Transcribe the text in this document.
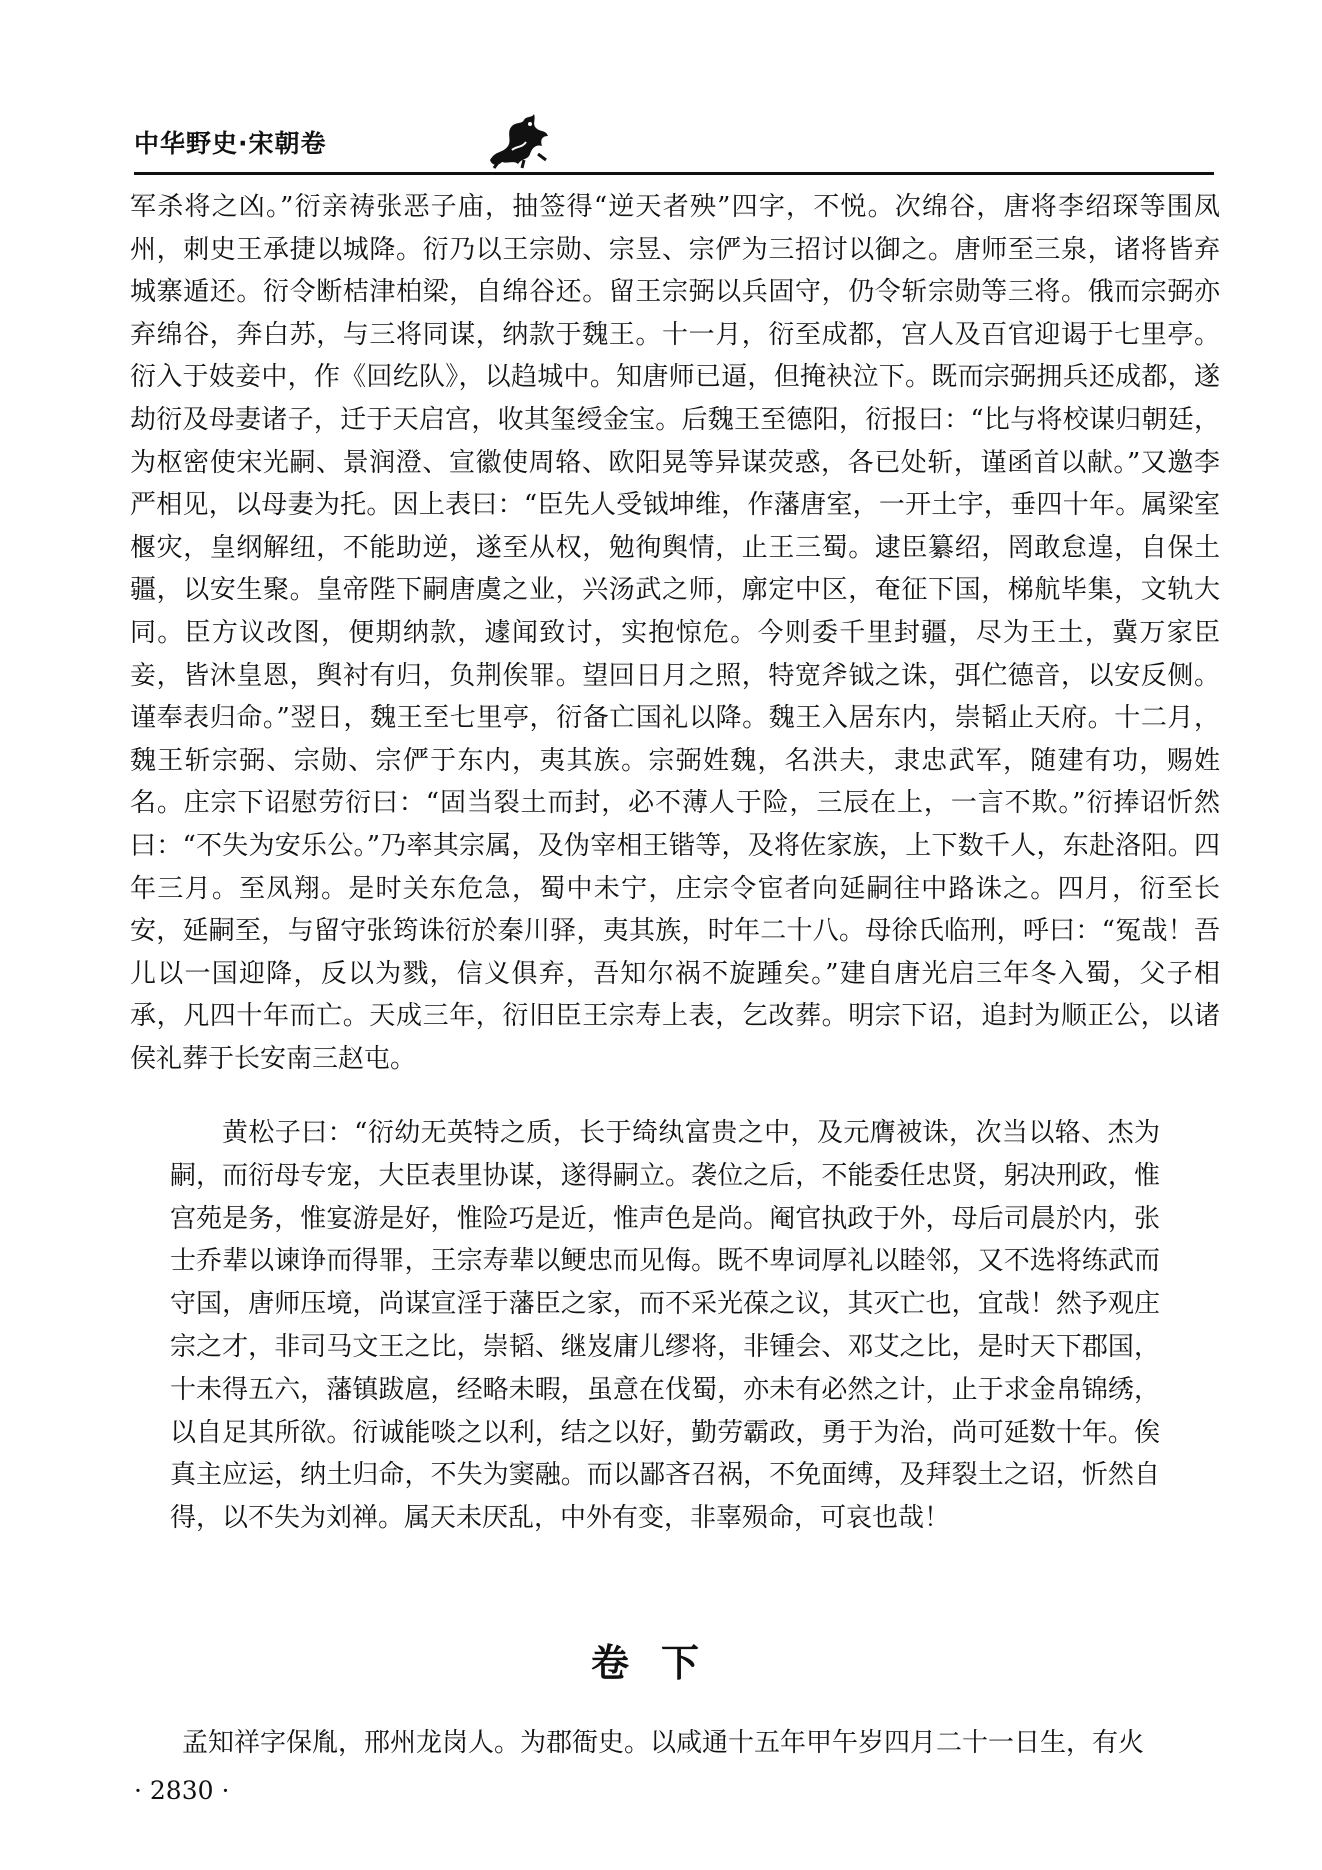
中华野史·宋朝卷

军杀将之凶。”衍亲祷张恶子庙，抽签得“逆天者殃”四字，不悦。次绵谷，唐将李绍琛等围凤州，刺史王承捷以城降。衍乃以王宗勋、宗昱、宗俨为三招讨以御之。唐师至三泉，诸将皆弃城寨遁还。衍令断桔津柏梁，自绵谷还。留王宗弼以兵固守，仍令斩宗勋等三将。俄而宗弼亦弃绵谷，奔白苏，与三将同谋，纳款于魏王。十一月，衍至成都，宫人及百官迎谒于七里亭。衍入于妓妾中，作《回纥队》，以趋城中。知唐师已逼，但掩袂泣下。既而宗弼拥兵还成都，遂劫衍及母妻诸子，迁于天启宫，收其玺绶金宝。后魏王至德阳，衍报曰：“比与将校谋归朝廷，为枢密使宋光嗣、景润澄、宣徽使周辂、欧阳晃等异谋荧惑，各已处斩，谨函首以献。”又邀李严相见，以母妻为托。因上表曰：“臣先人受钺坤维，作藩唐室，一开土宇，垂四十年。属梁室椻灾，皇纲解纽，不能助逆，遂至从权，勉徇舆情，止王三蜀。逮臣纂绍，罔敢怠遑，自保土疆，以安生聚。皇帝陛下嗣唐虞之业，兴汤武之师，廓定中区，奄征下国，梯航毕集，文轨大同。臣方议改图，便期纳款，遽闻致讨，实抱惊危。今则委千里封疆，尽为王土，冀万家臣妾，皆沐皇恩，舆衬有归，负荆俟罪。望回日月之照，特宽斧钺之诛，弭伫德音，以安反侧。谨奉表归命。”翌日，魏王至七里亭，衍备亡国礼以降。魏王入居东内，崇韬止天府。十二月，魏王斩宗弼、宗勋、宗俨于东内，夷其族。宗弼姓魏，名洪夫，隶忠武军，随建有功，赐姓名。庄宗下诏慰劳衍曰：“固当裂土而封，必不薄人于险，三辰在上，一言不欺。”衍捧诏忻然曰：“不失为安乐公。”乃率其宗属，及伪宰相王锴等，及将佐家族，上下数千人，东赴洛阳。四年三月。至凤翔。是时关东危急，蜀中未宁，庄宗令宦者向延嗣往中路诛之。四月，衍至长安，延嗣至，与留守张筠诛衍於秦川驿，夷其族，时年二十八。母徐氏临刑，呼曰：“冤哉！吾儿以一国迎降，反以为戮，信义俱弃，吾知尔祸不旋踵矣。”建自唐光启三年冬入蜀，父子相承，凡四十年而亡。天成三年，衍旧臣王宗寿上表，乞改葬。明宗下诏，追封为顺正公，以诸侯礼葬于长安南三赵屯。

黄松子曰：“衍幼无英特之质，长于绮纨富贵之中，及元膺被诛，次当以辂、杰为嗣，而衍母专宠，大臣表里协谋，遂得嗣立。袭位之后，不能委任忠贤，躬决刑政，惟宫苑是务，惟宴游是好，惟险巧是近，惟声色是尚。阉官执政于外，母后司晨於内，张士乔辈以谏诤而得罪，王宗寿辈以鲠忠而见侮。既不卑词厚礼以睦邻，又不选将练武而守国，唐师压境，尚谋宣淫于藩臣之家，而不采光葆之议，其灭亡也，宜哉！然予观庄宗之才，非司马文王之比，崇韬、继岌庸儿缪将，非锺会、邓艾之比，是时天下郡国，十未得五六，藩镇跋扈，经略未暇，虽意在伐蜀，亦未有必然之计，止于求金帛锦绣，以自足其所欲。衍诚能啖之以利，结之以好，勤劳霸政，勇于为治，尚可延数十年。俟真主应运，纳土归命，不失为窦融。而以鄙吝召祸，不免面缚，及拜裂土之诏，忻然自得，以不失为刘禅。属天未厌乱，中外有变，非辜殒命，可哀也哉！

卷下

孟知祥字保胤，邢州龙岗人。为郡衙史。以咸通十五年甲午岁四月二十一日生，有火

· 2830 ·
